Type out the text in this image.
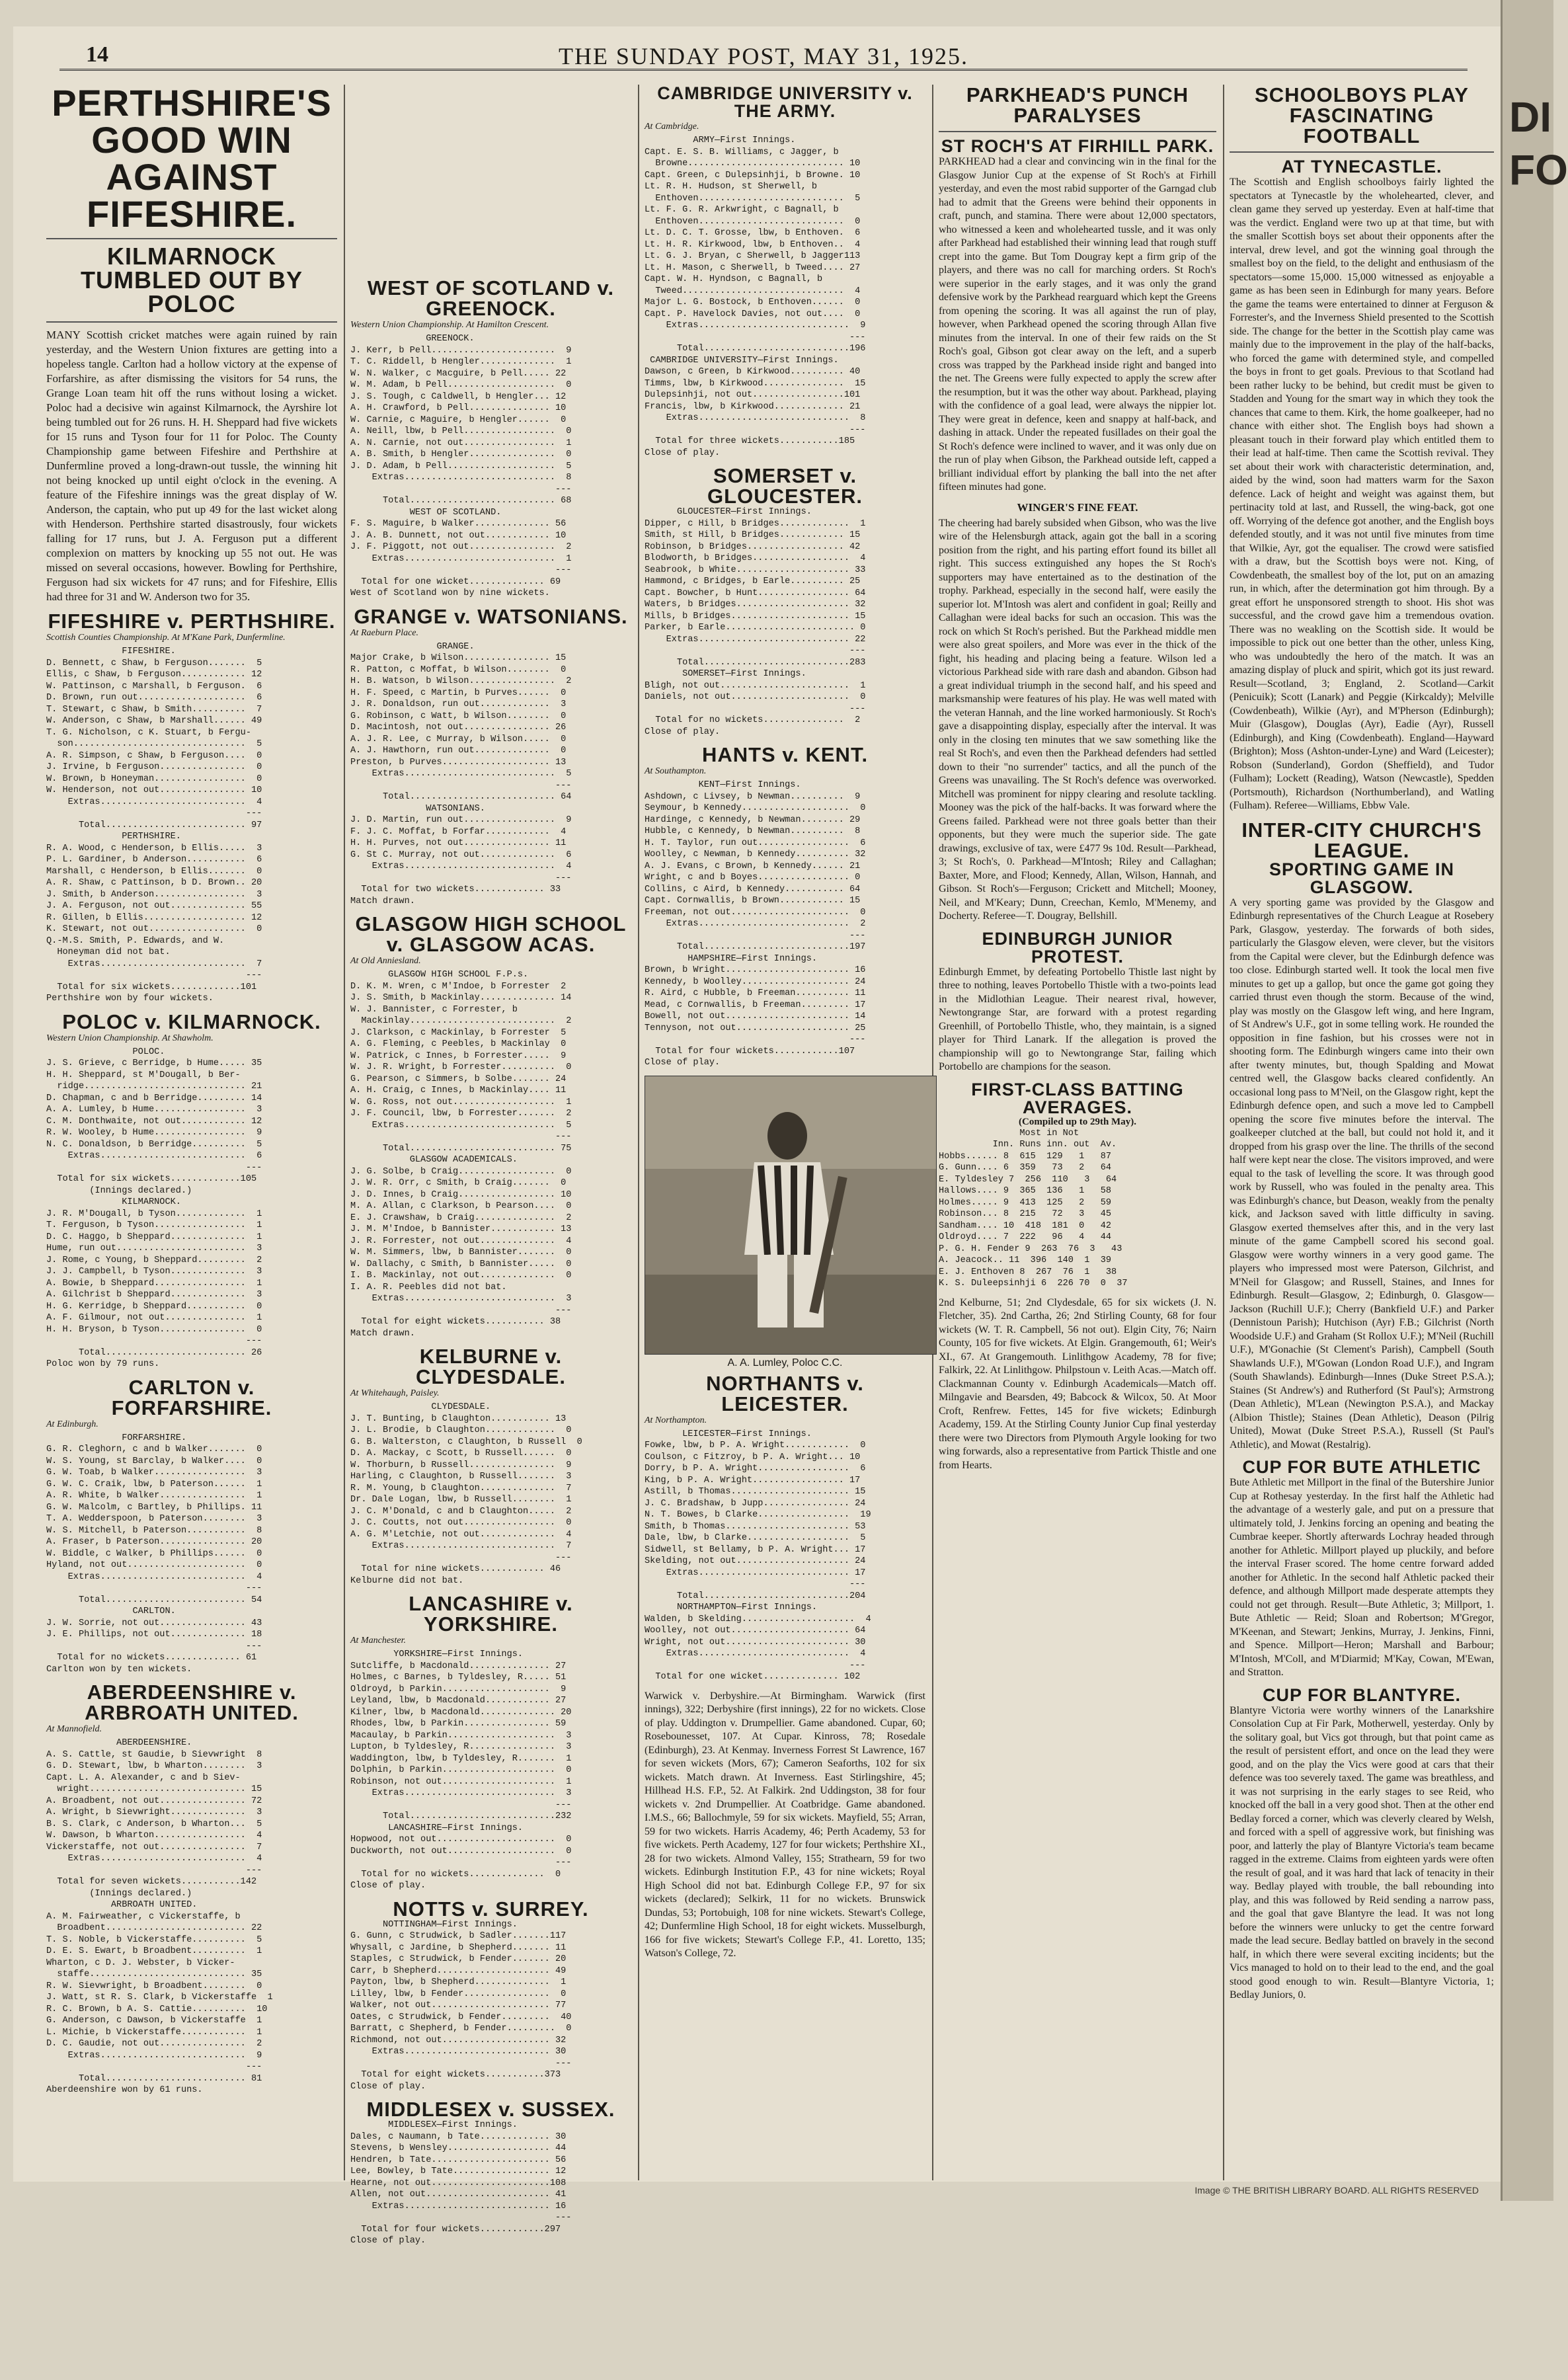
14	THE SUNDAY POST, MAY 31, 1925.
PERTHSHIRE'S GOOD WIN AGAINST FIFESHIRE.
KILMARNOCK TUMBLED OUT BY POLOC
MANY Scottish cricket matches were again ruined by rain yesterday, and the Western Union fixtures are getting into a hopeless tangle. Carlton had a hollow victory at the expense of Forfarshire, as after dismissing the visitors for 54 runs, the Grange Loan team hit off the runs without losing a wicket. Poloc had a decisive win against Kilmarnock, the Ayrshire lot being tumbled out for 26 runs. H. H. Sheppard had five wickets for 15 runs and Tyson four for 11 for Poloc. The County Championship game between Fifeshire and Perthshire at Dunfermline proved a long-drawn-out tussle, the winning hit not being knocked up until eight o'clock in the evening. A feature of the Fifeshire innings was the great display of W. Anderson, the captain, who put up 49 for the last wicket along with Henderson. Perthshire started disastrously, four wickets falling for 17 runs, but J. A. Ferguson put a different complexion on matters by knocking up 55 not out. He was missed on several occasions, however. Bowling for Perthshire, Ferguson had six wickets for 47 runs; and for Fifeshire, Ellis had three for 31 and W. Anderson two for 35.
FIFESHIRE v. PERTHSHIRE.
Scottish Counties Championship. At M'Kane Park, Dunfermline.
FIFESHIRE.
D. Bennett, c Shaw, b Ferguson.......  5
Ellis, c Shaw, b Ferguson............ 12
W. Pattinson, c Marshall, b Ferguson.  6
D. Brown, run out....................  6
T. Stewart, c Shaw, b Smith..........  7
W. Anderson, c Shaw, b Marshall...... 49
T. G. Nicholson, c K. Stuart, b Fergu-
son................................  5
A. R. Simpson, c Shaw, b Ferguson....  0
J. Irvine, b Ferguson................  0
W. Brown, b Honeyman.................  0
W. Henderson, not out................ 10
Extras...........................  4
---
Total.......................... 97
PERTHSHIRE.
R. A. Wood, c Henderson, b Ellis.....  3
P. L. Gardiner, b Anderson...........  6
Marshall, c Henderson, b Ellis.......  0
A. R. Shaw, c Pattinson, b D. Brown.. 20
J. Smith, b Anderson.................  3
J. A. Ferguson, not out.............. 55
R. Gillen, b Ellis................... 12
K. Stewart, not out..................  0
Q.-M.S. Smith, P. Edwards, and W.
Honeyman did not bat.
Extras...........................  7
---
Total for six wickets.............101
Perthshire won by four wickets.
POLOC v. KILMARNOCK.
Western Union Championship. At Shawholm.
POLOC.
J. S. Grieve, c Berridge, b Hume..... 35
H. H. Sheppard, st M'Dougall, b Ber-
ridge.............................. 21
D. Chapman, c and b Berridge......... 14
A. A. Lumley, b Hume.................  3
C. M. Donthwaite, not out............ 12
R. W. Wooley, b Hume.................  9
N. C. Donaldson, b Berridge..........  5
Extras...........................  6
---
Total for six wickets.............105
(Innings declared.)
KILMARNOCK.
J. R. M'Dougall, b Tyson.............  1
T. Ferguson, b Tyson.................  1
D. C. Haggo, b Sheppard..............  1
Hume, run out........................  3
J. Rome, c Young, b Sheppard.........  2
J. J. Campbell, b Tyson..............  3
A. Bowie, b Sheppard.................  1
A. Gilchrist b Sheppard..............  3
H. G. Kerridge, b Sheppard...........  0
A. F. Gilmour, not out...............  1
H. H. Bryson, b Tyson................  0
---
Total.......................... 26
Poloc won by 79 runs.
CARLTON v. FORFARSHIRE.
At Edinburgh.
FORFARSHIRE.
G. R. Cleghorn, c and b Walker.......  0
W. S. Young, st Barclay, b Walker....  0
G. W. Toab, b Walker.................  3
G. W. C. Craik, lbw, b Paterson......  1
A. R. White, b Walker................  1
G. W. Malcolm, c Bartley, b Phillips. 11
T. A. Wedderspoon, b Paterson........  3
W. S. Mitchell, b Paterson...........  8
A. Fraser, b Paterson................ 20
W. Biddle, c Walker, b Phillips......  0
Hyland, not out......................  0
Extras...........................  4
---
Total.......................... 54
CARLTON.
J. W. Sorrie, not out................ 43
J. E. Phillips, not out.............. 18
---
Total for no wickets.............. 61
Carlton won by ten wickets.
ABERDEENSHIRE v. ARBROATH UNITED.
At Mannofield.
ABERDEENSHIRE.
A. S. Cattle, st Gaudie, b Sievwright  8
G. D. Stewart, lbw, b Wharton........  3
Capt. L. A. Alexander, c and b Siev-
wright............................. 15
A. Broadbent, not out................ 72
A. Wright, b Sievwright..............  3
B. S. Clark, c Anderson, b Wharton...  5
W. Dawson, b Wharton.................  4
Vickerstaffe, not out................  7
Extras...........................  4
---
Total for seven wickets...........142
(Innings declared.)
ARBROATH UNITED.
A. M. Fairweather, c Vickerstaffe, b
Broadbent.......................... 22
T. S. Noble, b Vickerstaffe..........  5
D. E. S. Ewart, b Broadbent..........  1
Wharton, c D. J. Webster, b Vicker-
staffe............................. 35
R. W. Sievwright, b Broadbent........  0
J. Watt, st R. S. Clark, b Vickerstaffe  1
R. C. Brown, b A. S. Cattie..........  10
G. Anderson, c Dawson, b Vickerstaffe  1
L. Michie, b Vickerstaffe............  1
D. C. Gaudie, not out................  2
Extras...........................  9
---
Total.......................... 81
Aberdeenshire won by 61 runs.
WEST OF SCOTLAND v. GREENOCK.
Western Union Championship. At Hamilton Crescent.
GREENOCK.
J. Kerr, b Pell.......................  9
T. C. Riddell, b Hengler..............  1
W. N. Walker, c Macguire, b Pell..... 22
W. M. Adam, b Pell....................  0
J. S. Tough, c Caldwell, b Hengler... 12
A. H. Crawford, b Pell............... 10
W. Carnie, c Maguire, b Hengler......  0
A. Neill, lbw, b Pell.................  0
A. N. Carnie, not out.................  1
A. B. Smith, b Hengler................  0
J. D. Adam, b Pell....................  5
Extras............................  8
---
Total........................... 68
WEST OF SCOTLAND.
F. S. Maguire, b Walker.............. 56
J. A. B. Dunnett, not out............ 10
J. F. Piggott, not out................  2
Extras............................  1
---
Total for one wicket.............. 69
West of Scotland won by nine wickets.
GRANGE v. WATSONIANS.
At Raeburn Place.
GRANGE.
Major Crake, b Wilson................ 15
R. Patton, c Moffat, b Wilson........  0
H. B. Watson, b Wilson................  2
H. F. Speed, c Martin, b Purves......  0
J. R. Donaldson, run out.............  3
G. Robinson, c Watt, b Wilson........  0
D. Macintosh, not out................ 26
A. J. R. Lee, c Murray, b Wilson.....  0
A. J. Hawthorn, run out..............  0
Preston, b Purves.................... 13
Extras............................  5
---
Total........................... 64
WATSONIANS.
J. D. Martin, run out.................  9
F. J. C. Moffat, b Forfar............  4
H. H. Purves, not out................ 11
G. St C. Murray, not out..............  6
Extras............................  4
---
Total for two wickets............. 33
Match drawn.
GLASGOW HIGH SCHOOL v. GLASGOW ACAS.
At Old Anniesland.
GLASGOW HIGH SCHOOL F.P.s.
D. K. M. Wren, c M'Indoe, b Forrester  2
J. S. Smith, b Mackinlay.............. 14
W. J. Bannister, c Forrester, b
Mackinlay...........................  2
J. Clarkson, c Mackinlay, b Forrester  5
A. G. Fleming, c Peebles, b Mackinlay  0
W. Patrick, c Innes, b Forrester.....  9
W. J. R. Wright, b Forrester..........  0
G. Pearson, c Simmers, b Solbe....... 24
A. H. Craig, c Innes, b Mackinlay.... 11
W. G. Ross, not out...................  1
J. F. Council, lbw, b Forrester.......  2
Extras............................  5
---
Total........................... 75
GLASGOW ACADEMICALS.
J. G. Solbe, b Craig..................  0
J. W. R. Orr, c Smith, b Craig.......  0
J. D. Innes, b Craig.................. 10
M. A. Allan, c Clarkson, b Pearson....  0
E. J. Crawshaw, b Craig...............  2
J. M. M'Indoe, b Bannister............ 13
J. R. Forrester, not out..............  4
W. M. Simmers, lbw, b Bannister.......  0
W. Dallachy, c Smith, b Bannister.....  0
I. B. Mackinlay, not out..............  0
I. A. R. Peebles did not bat.
Extras............................  3
---
Total for eight wickets........... 38
Match drawn.
KELBURNE v. CLYDESDALE.
At Whitehaugh, Paisley.
CLYDESDALE.
J. T. Bunting, b Claughton........... 13
J. L. Brodie, b Claughton.............  0
G. B. Walterston, c Claughton, b Russell  0
D. A. Mackay, c Scott, b Russell......  0
W. Thorburn, b Russell................  9
Harling, c Claughton, b Russell.......  3
R. M. Young, b Claughton..............  7
Dr. Dale Logan, lbw, b Russell........  1
J. C. M'Donald, c and b Claughton.....  2
J. C. Coutts, not out.................  0
A. G. M'Letchie, not out..............  4
Extras............................  7
---
Total for nine wickets............ 46
Kelburne did not bat.
LANCASHIRE v. YORKSHIRE.
At Manchester.
YORKSHIRE—First Innings.
Sutcliffe, b Macdonald............... 27
Holmes, c Barnes, b Tyldesley, R..... 51
Oldroyd, b Parkin....................  9
Leyland, lbw, b Macdonald............ 27
Kilner, lbw, b Macdonald.............. 20
Rhodes, lbw, b Parkin................ 59
Macaulay, b Parkin....................  3
Lupton, b Tyldesley, R................  3
Waddington, lbw, b Tyldesley, R.......  1
Dolphin, b Parkin.....................  0
Robinson, not out.....................  1
Extras............................  3
---
Total...........................232
LANCASHIRE—First Innings.
Hopwood, not out......................  0
Duckworth, not out....................  0
---
Total for no wickets..............  0
Close of play.
NOTTS v. SURREY.
NOTTINGHAM—First Innings.
G. Gunn, c Strudwick, b Sadler.......117
Whysall, c Jardine, b Shepherd....... 11
Staples, c Strudwick, b Fender....... 20
Carr, b Shepherd..................... 49
Payton, lbw, b Shepherd..............  1
Lilley, lbw, b Fender................  0
Walker, not out...................... 77
Oates, c Strudwick, b Fender.........  40
Barratt, c Shepherd, b Fender.........  0
Richmond, not out.................... 32
Extras........................... 30
---
Total for eight wickets...........373
Close of play.
MIDDLESEX v. SUSSEX.
MIDDLESEX—First Innings.
Dales, c Naumann, b Tate............. 30
Stevens, b Wensley................... 44
Hendren, b Tate...................... 56
Lee, Bowley, b Tate.................. 12
Hearne, not out......................108
Allen, not out....................... 41
Extras........................... 16
---
Total for four wickets............297
Close of play.
CAMBRIDGE UNIVERSITY v. THE ARMY.
At Cambridge.
ARMY—First Innings.
Capt. E. S. B. Williams, c Jagger, b
Browne............................. 10
Capt. Green, c Dulepsinhji, b Browne. 10
Lt. R. H. Hudson, st Sherwell, b
Enthoven...........................  5
Lt. F. G. R. Arkwright, c Bagnall, b
Enthoven...........................  0
Lt. D. C. T. Grosse, lbw, b Enthoven.  6
Lt. H. R. Kirkwood, lbw, b Enthoven..  4
Lt. G. J. Bryan, c Sherwell, b Jagger113
Lt. H. Mason, c Sherwell, b Tweed.... 27
Capt. W. H. Hyndson, c Bagnall, b
Tweed..............................  4
Major L. G. Bostock, b Enthoven......  0
Capt. P. Havelock Davies, not out....  0
Extras............................  9
---
Total...........................196
CAMBRIDGE UNIVERSITY—First Innings.
Dawson, c Green, b Kirkwood.......... 40
Timms, lbw, b Kirkwood...............  15
Dulepsinhji, not out.................101
Francis, lbw, b Kirkwood............. 21
Extras............................  8
---
Total for three wickets...........185
Close of play.
SOMERSET v. GLOUCESTER.
GLOUCESTER—First Innings.
Dipper, c Hill, b Bridges.............  1
Smith, st Hill, b Bridges............ 15
Robinson, b Bridges.................. 42
Blodworth, b Bridges..................  4
Seabrook, b White..................... 33
Hammond, c Bridges, b Earle.......... 25
Capt. Bowcher, b Hunt................. 64
Waters, b Bridges..................... 32
Mills, b Bridges...................... 15
Parker, b Earle........................ 0
Extras............................ 22
---
Total...........................283
SOMERSET—First Innings.
Bligh, not out........................  1
Daniels, not out......................  0
---
Total for no wickets...............  2
Close of play.
HANTS v. KENT.
At Southampton.
KENT—First Innings.
Ashdown, c Livsey, b Newman..........  9
Seymour, b Kennedy....................  0
Hardinge, c Kennedy, b Newman........ 29
Hubble, c Kennedy, b Newman..........  8
H. T. Taylor, run out.................  6
Woolley, c Newman, b Kennedy.......... 32
A. J. Evans, c Brown, b Kennedy...... 21
Wright, c and b Boyes................. 0
Collins, c Aird, b Kennedy........... 64
Capt. Cornwallis, b Brown............ 15
Freeman, not out......................  0
Extras............................  2
---
Total...........................197
HAMPSHIRE—First Innings.
Brown, b Wright....................... 16
Kennedy, b Woolley.................... 24
R. Aird, c Hubble, b Freeman.......... 11
Mead, c Cornwallis, b Freeman......... 17
Bowell, not out....................... 14
Tennyson, not out..................... 25
---
Total for four wickets............107
Close of play.
A. A. Lumley, Poloc C.C.
NORTHANTS v. LEICESTER.
At Northampton.
LEICESTER—First Innings.
Fowke, lbw, b P. A. Wright............  0
Coulson, c Fitzroy, b P. A. Wright... 10
Dorry, b P. A. Wright.................  6
King, b P. A. Wright................. 17
Astill, b Thomas...................... 15
J. C. Bradshaw, b Jupp................ 24
N. T. Bowes, b Clarke.................  19
Smith, b Thomas....................... 53
Dale, lbw, b Clarke...................  5
Sidwell, st Bellamy, b P. A. Wright... 17
Skelding, not out..................... 24
Extras............................ 17
---
Total...........................204
NORTHAMPTON—First Innings.
Walden, b Skelding.....................  4
Woolley, not out...................... 64
Wright, not out....................... 30
Extras............................  4
---
Total for one wicket.............. 102
Warwick v. Derbyshire.—At Birmingham. Warwick (first innings), 322; Derbyshire (first innings), 22 for no wickets. Close of play. Uddington v. Drumpellier. Game abandoned. Cupar, 60; Rosebounesset, 107. At Cupar. Kinross, 78; Rosedale (Edinburgh), 23. At Kenmay. Inverness Forrest St Lawrence, 167 for seven wickets (Mors, 67); Cameron Seaforths, 102 for six wickets. Match drawn. At Inverness. East Stirlingshire, 45; Hillhead H.S. F.P., 52. At Falkirk. 2nd Uddingston, 38 for four wickets v. 2nd Drumpellier. At Coatbridge. Game abandoned. I.M.S., 66; Ballochmyle, 59 for six wickets. Mayfield, 55; Arran, 59 for two wickets. Harris Academy, 46; Perth Academy, 53 for five wickets. Perth Academy, 127 for four wickets; Perthshire XI., 28 for two wickets. Almond Valley, 155; Strathearn, 59 for two wickets. Edinburgh Institution F.P., 43 for nine wickets; Royal High School did not bat. Edinburgh College F.P., 97 for six wickets (declared); Selkirk, 11 for no wickets. Brunswick Dundas, 53; Portobuigh, 108 for nine wickets. Stewart's College, 42; Dunfermline High School, 18 for eight wickets. Musselburgh, 166 for five wickets; Stewart's College F.P., 41. Loretto, 135; Watson's College, 72.
PARKHEAD'S PUNCH PARALYSES
ST ROCH'S AT FIRHILL PARK.
PARKHEAD had a clear and convincing win in the final for the Glasgow Junior Cup at the expense of St Roch's at Firhill yesterday, and even the most rabid supporter of the Garngad club had to admit that the Greens were behind their opponents in craft, punch, and stamina. There were about 12,000 spectators, who witnessed a keen and wholehearted tussle, and it was only after Parkhead had established their winning lead that rough stuff crept into the game. But Tom Dougray kept a firm grip of the players, and there was no call for marching orders. St Roch's were superior in the early stages, and it was only the grand defensive work by the Parkhead rearguard which kept the Greens from opening the scoring. It was all against the run of play, however, when Parkhead opened the scoring through Allan five minutes from the interval. In one of their few raids on the St Roch's goal, Gibson got clear away on the left, and a superb cross was trapped by the Parkhead inside right and banged into the net. The Greens were fully expected to apply the screw after the resumption, but it was the other way about. Parkhead, playing with the confidence of a goal lead, were always the nippier lot. They were great in defence, keen and snappy at half-back, and dashing in attack. Under the repeated fusillades on their goal the St Roch's defence were inclined to waver, and it was only due on the run of play when Gibson, the Parkhead outside left, capped a brilliant individual effort by planking the ball into the net after fifteen minutes had gone.
WINGER'S FINE FEAT.
The cheering had barely subsided when Gibson, who was the live wire of the Helensburgh attack, again got the ball in a scoring position from the right, and his parting effort found its billet all right. This success extinguished any hopes the St Roch's supporters may have entertained as to the destination of the trophy. Parkhead, especially in the second half, were easily the superior lot. M'Intosh was alert and confident in goal; Reilly and Callaghan were ideal backs for such an occasion. This was the rock on which St Roch's perished. But the Parkhead middle men were also great spoilers, and More was ever in the thick of the fight, his heading and placing being a feature. Wilson led a victorious Parkhead side with rare dash and abandon. Gibson had a great individual triumph in the second half, and his speed and marksmanship were features of his play. He was well mated with the veteran Hannah, and the line worked harmoniously. St Roch's gave a disappointing display, especially after the interval. It was only in the closing ten minutes that we saw something like the real St Roch's, and even then the Parkhead defenders had settled down to their "no surrender" tactics, and all the punch of the Greens was unavailing. The St Roch's defence was overworked. Mitchell was prominent for nippy clearing and resolute tackling. Mooney was the pick of the half-backs. It was forward where the Greens failed. Parkhead were not three goals better than their opponents, but they were much the superior side. The gate drawings, exclusive of tax, were £477 9s 10d. Result—Parkhead, 3; St Roch's, 0. Parkhead—M'Intosh; Riley and Callaghan; Baxter, More, and Flood; Kennedy, Allan, Wilson, Hannah, and Gibson. St Roch's—Ferguson; Crickett and Mitchell; Mooney, Neil, and M'Keary; Dunn, Creechan, Kemlo, M'Menemy, and Docherty. Referee—T. Dougray, Bellshill.
EDINBURGH JUNIOR PROTEST.
Edinburgh Emmet, by defeating Portobello Thistle last night by three to nothing, leaves Portobello Thistle with a two-points lead in the Midlothian League. Their nearest rival, however, Newtongrange Star, are forward with a protest regarding Greenhill, of Portobello Thistle, who, they maintain, is a signed player for Third Lanark. If the allegation is proved the championship will go to Newtongrange Star, failing which Portobello are champions for the season.
FIRST-CLASS BATTING AVERAGES.
(Compiled up to 29th May).
Most in Not
Inn. Runs inn. out  Av.
Hobbs...... 8  615  129   1   87
G. Gunn.... 6  359   73   2   64
E. Tyldesley 7  256  110   3   64
Hallows.... 9  365  136   1   58
Holmes..... 9  413  125   2   59
Robinson... 8  215   72   3   45
Sandham.... 10  418  181  0   42
Oldroyd.... 7  222   96   4   44
P. G. H. Fender 9  263  76  3   43
A. Jeacock.. 11  396  140  1  39
E. J. Enthoven 8  267  76  1   38
K. S. Duleepsinhji 6  226 70  0  37
2nd Kelburne, 51; 2nd Clydesdale, 65 for six wickets (J. N. Fletcher, 35). 2nd Cartha, 26; 2nd Stirling County, 68 for four wickets (W. T. R. Campbell, 56 not out). Elgin City, 76; Nairn County, 105 for five wickets. At Elgin. Grangemouth, 61; Weir's XI., 67. At Grangemouth. Linlithgow Academy, 78 for five; Falkirk, 22. At Linlithgow. Philpstoun v. Leith Acas.—Match off. Clackmannan County v. Edinburgh Academicals—Match off. Milngavie and Bearsden, 49; Babcock & Wilcox, 50. At Moor Croft, Renfrew. Fettes, 145 for five wickets; Edinburgh Academy, 159. At the Stirling County Junior Cup final yesterday there were two Directors from Plymouth Argyle looking for two wing forwards, also a representative from Partick Thistle and one from Hearts.
SCHOOLBOYS PLAY FASCINATING FOOTBALL
AT TYNECASTLE.
The Scottish and English schoolboys fairly lighted the spectators at Tynecastle by the wholehearted, clever, and clean game they served up yesterday. Even at half-time that was the verdict. England were two up at that time, but with the smaller Scottish boys set about their opponents after the interval, drew level, and got the winning goal through the smallest boy on the field, to the delight and enthusiasm of the spectators—some 15,000. 15,000 witnessed as enjoyable a game as has been seen in Edinburgh for many years. Before the game the teams were entertained to dinner at Ferguson & Forrester's, and the Inverness Shield presented to the Scottish side. The change for the better in the Scottish play came was mainly due to the improvement in the play of the half-backs, who forced the game with determined style, and compelled the boys in front to get goals. Previous to that Scotland had been rather lucky to be behind, but credit must be given to Stadden and Young for the smart way in which they took the chances that came to them. Kirk, the home goalkeeper, had no chance with either shot. The English boys had shown a pleasant touch in their forward play which entitled them to their lead at half-time. Then came the Scottish revival. They set about their work with characteristic determination, and, aided by the wind, soon had matters warm for the Saxon defence. Lack of height and weight was against them, but pertinacity told at last, and Russell, the wing-back, got one off. Worrying of the defence got another, and the English boys defended stoutly, and it was not until five minutes from time that Wilkie, Ayr, got the equaliser. The crowd were satisfied with a draw, but the Scottish boys were not. King, of Cowdenbeath, the smallest boy of the lot, put on an amazing run, in which, after the determination got him through. By a great effort he unsponsored strength to shoot. His shot was successful, and the crowd gave him a tremendous ovation. There was no weakling on the Scottish side. It would be impossible to pick out one better than the other, unless King, who was undoubtedly the hero of the match. It was an amazing display of pluck and spirit, which got its just reward. Result—Scotland, 3; England, 2. Scotland—Carkit (Penicuik); Scott (Lanark) and Peggie (Kirkcaldy); Melville (Cowdenbeath), Wilkie (Ayr), and M'Pherson (Edinburgh); Muir (Glasgow), Douglas (Ayr), Eadie (Ayr), Russell (Edinburgh), and King (Cowdenbeath). England—Hayward (Brighton); Moss (Ashton-under-Lyne) and Ward (Leicester); Robson (Sunderland), Gordon (Sheffield), and Tudor (Fulham); Lockett (Reading), Watson (Newcastle), Spedden (Portsmouth), Richardson (Northumberland), and Watling (Fulham). Referee—Williams, Ebbw Vale.
INTER-CITY CHURCH'S LEAGUE.
SPORTING GAME IN GLASGOW.
A very sporting game was provided by the Glasgow and Edinburgh representatives of the Church League at Rosebery Park, Glasgow, yesterday. The forwards of both sides, particularly the Glasgow eleven, were clever, but the visitors from the Capital were clever, but the Edinburgh defence was too close. Edinburgh started well. It took the local men five minutes to get up a gallop, but once the game got going they carried thrust even though the storm. Because of the wind, play was mostly on the Glasgow left wing, and here Ingram, of St Andrew's U.F., got in some telling work. He rounded the opposition in fine fashion, but his crosses were not in shooting form. The Edinburgh wingers came into their own after twenty minutes, but, though Spalding and Mowat centred well, the Glasgow backs cleared confidently. An occasional long pass to M'Neil, on the Glasgow right, kept the Edinburgh defence open, and such a move led to Campbell opening the score five minutes before the interval. The goalkeeper clutched at the ball, but could not hold it, and it dropped from his grasp over the line. The thrills of the second half were kept near the close. The visitors improved, and were equal to the task of levelling the score. It was through good work by Russell, who was fouled in the penalty area. This was Edinburgh's chance, but Deason, weakly from the penalty kick, and Jackson saved with little difficulty in saving. Glasgow exerted themselves after this, and in the very last minute of the game Campbell scored his second goal. Glasgow were worthy winners in a very good game. The players who impressed most were Paterson, Gilchrist, and M'Neil for Glasgow; and Russell, Staines, and Innes for Edinburgh. Result—Glasgow, 2; Edinburgh, 0. Glasgow—Jackson (Ruchill U.F.); Cherry (Bankfield U.F.) and Parker (Dennistoun Parish); Hutchison (Ayr) F.B.; Gilchrist (North Woodside U.F.) and Graham (St Rollox U.F.); M'Neil (Ruchill U.F.), M'Gonachie (St Clement's Parish), Campbell (South Shawlands U.F.), M'Gowan (London Road U.F.), and Ingram (South Shawlands). Edinburgh—Innes (Duke Street P.S.A.); Staines (St Andrew's) and Rutherford (St Paul's); Armstrong (Dean Athletic), M'Lean (Newington P.S.A.), and Mackay (Albion Thistle); Staines (Dean Athletic), Deason (Pilrig United), Mowat (Duke Street P.S.A.), Russell (St Paul's Athletic), and Mowat (Restalrig).
CUP FOR BUTE ATHLETIC
Bute Athletic met Millport in the final of the Butershire Junior Cup at Rothesay yesterday. In the first half the Athletic had the advantage of a westerly gale, and put on a pressure that ultimately told, J. Jenkins forcing an opening and beating the Cumbrae keeper. Shortly afterwards Lochray headed through another for Athletic. Millport played up pluckily, and before the interval Fraser scored. The home centre forward added another for Athletic. In the second half Athletic packed their defence, and although Millport made desperate attempts they could not get through. Result—Bute Athletic, 3; Millport, 1. Bute Athletic — Reid; Sloan and Robertson; M'Gregor, M'Keenan, and Stewart; Jenkins, Murray, J. Jenkins, Finni, and Spence. Millport—Heron; Marshall and Barbour; M'Intosh, M'Coll, and M'Diarmid; M'Kay, Cowan, M'Ewan, and Stratton.
CUP FOR BLANTYRE.
Blantyre Victoria were worthy winners of the Lanarkshire Consolation Cup at Fir Park, Motherwell, yesterday. Only by the solitary goal, but Vics got through, but that point came as the result of persistent effort, and once on the lead they were good, and on the play the Vics were good at cars that their defence was too severely taxed. The game was breathless, and it was not surprising in the early stages to see Reid, who knocked off the ball in a very good shot. Then at the other end Bedlay forced a corner, which was cleverly cleared by Welsh, and forced with a spell of aggressive work, but finishing was poor, and latterly the play of Blantyre Victoria's team became ragged in the extreme. Claims from eighteen yards were often the result of goal, and it was hard that lack of tenacity in their way. Bedlay played with trouble, the ball rebounding into play, and this was followed by Reid sending a narrow pass, and the goal that gave Blantyre the lead. It was not long before the winners were unlucky to get the centre forward made the lead secure. Bedlay battled on bravely in the second half, in which there were several exciting incidents; but the Vics managed to hold on to their lead to the end, and the goal stood good enough to win. Result—Blantyre Victoria, 1; Bedlay Juniors, 0.
DI
FO
Image © THE BRITISH LIBRARY BOARD. ALL RIGHTS RESERVED
